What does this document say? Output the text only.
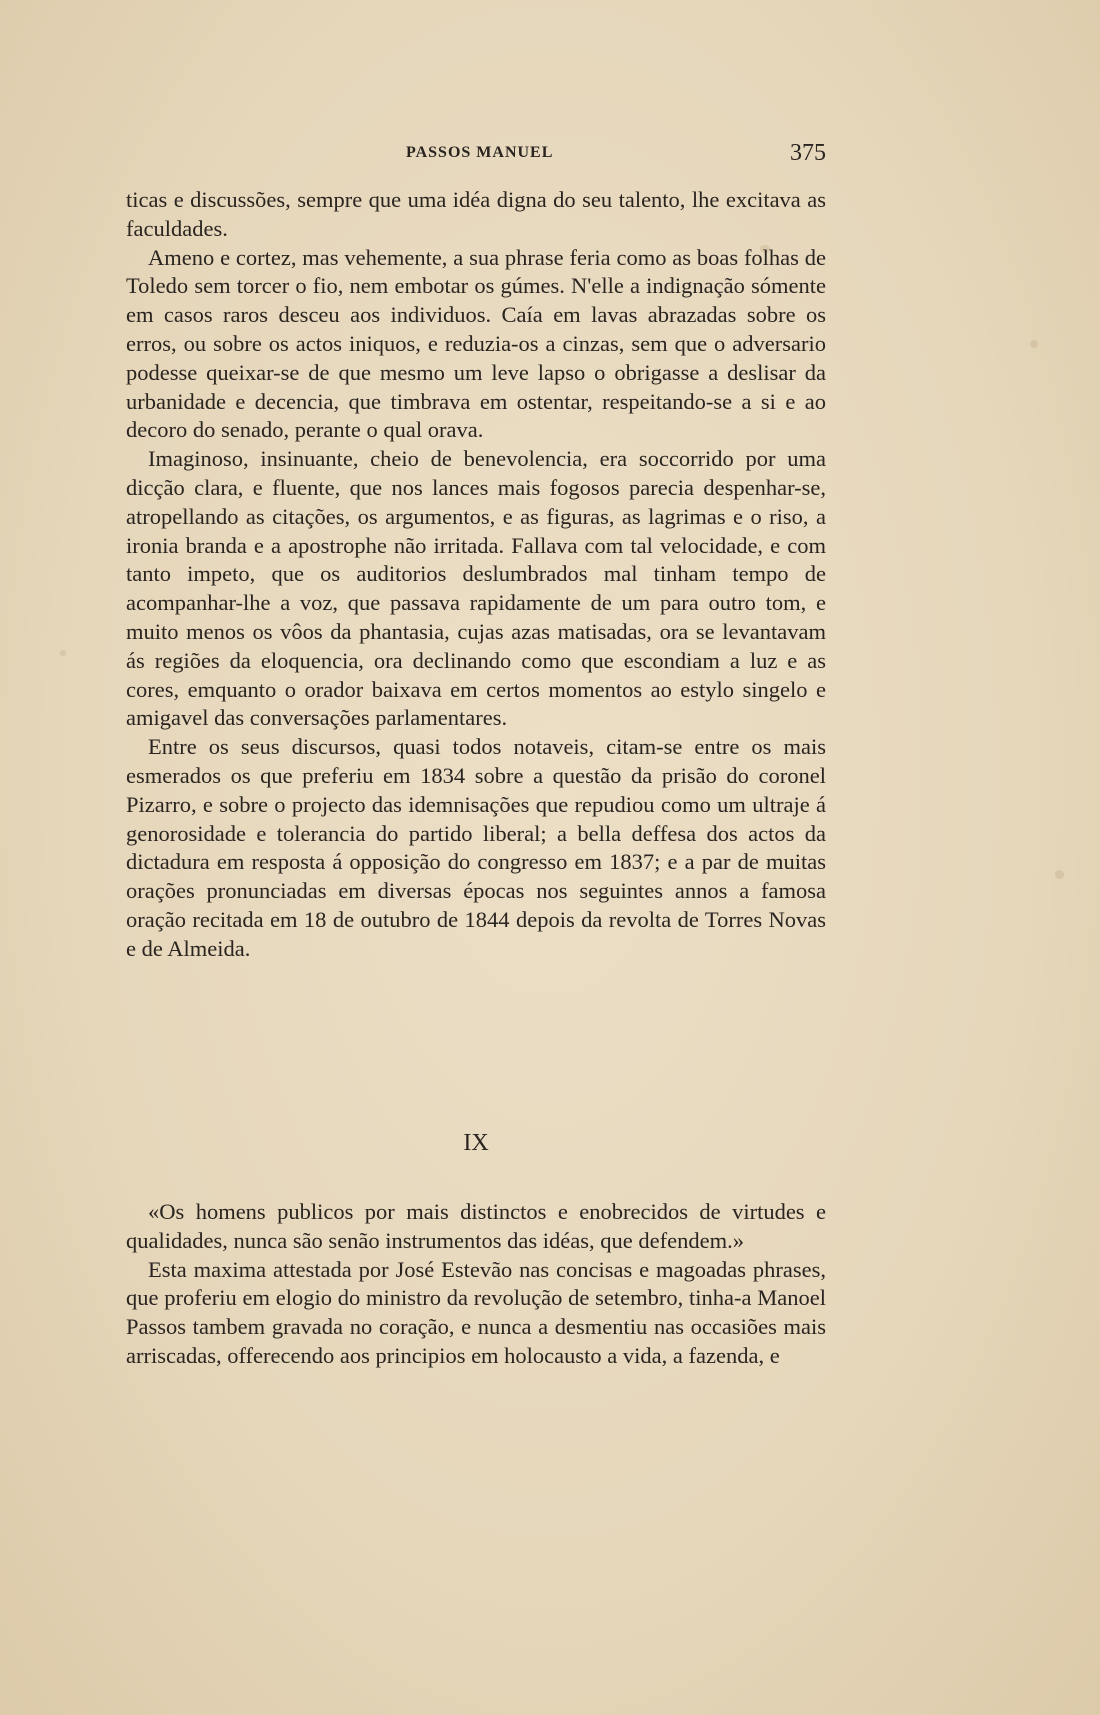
PASSOS MANUEL	375

ticas e discussões, sempre que uma idéa digna do seu talento, lhe excitava as faculdades.

Ameno e cortez, mas vehemente, a sua phrase feria como as boas folhas de Toledo sem torcer o fio, nem embotar os gúmes. N'elle a indignação sómente em casos raros desceu aos individuos. Caía em lavas abrazadas sobre os erros, ou sobre os actos iniquos, e reduzia-os a cinzas, sem que o adversario podesse queixar-se de que mesmo um leve lapso o obrigasse a deslisar da urbanidade e decencia, que timbrava em ostentar, respeitando-se a si e ao decoro do senado, perante o qual orava.

Imaginoso, insinuante, cheio de benevolencia, era soccorrido por uma dicção clara, e fluente, que nos lances mais fogosos parecia despenhar-se, atropellando as citações, os argumentos, e as figuras, as lagrimas e o riso, a ironia branda e a apostrophe não irritada. Fallava com tal velocidade, e com tanto impeto, que os auditorios deslumbrados mal tinham tempo de acompanhar-lhe a voz, que passava rapidamente de um para outro tom, e muito menos os vôos da phantasia, cujas azas matisadas, ora se levantavam ás regiões da eloquencia, ora declinando como que escondiam a luz e as cores, emquanto o orador baixava em certos momentos ao estylo singelo e amigavel das conversações parlamentares.

Entre os seus discursos, quasi todos notaveis, citam-se entre os mais esmerados os que preferiu em 1834 sobre a questão da prisão do coronel Pizarro, e sobre o projecto das idemnisações que repudiou como um ultraje á genorosidade e tolerancia do partido liberal; a bella deffesa dos actos da dictadura em resposta á opposição do congresso em 1837; e a par de muitas orações pronunciadas em diversas épocas nos seguintes annos a famosa oração recitada em 18 de outubro de 1844 depois da revolta de Torres Novas e de Almeida.

IX

«Os homens publicos por mais distinctos e enobrecidos de virtudes e qualidades, nunca são senão instrumentos das idéas, que defendem.»

Esta maxima attestada por José Estevão nas concisas e magoadas phrases, que proferiu em elogio do ministro da revolução de setembro, tinha-a Manoel Passos tambem gravada no coração, e nunca a desmentiu nas occasiões mais arriscadas, offerecendo aos principios em holocausto a vida, a fazenda, e
